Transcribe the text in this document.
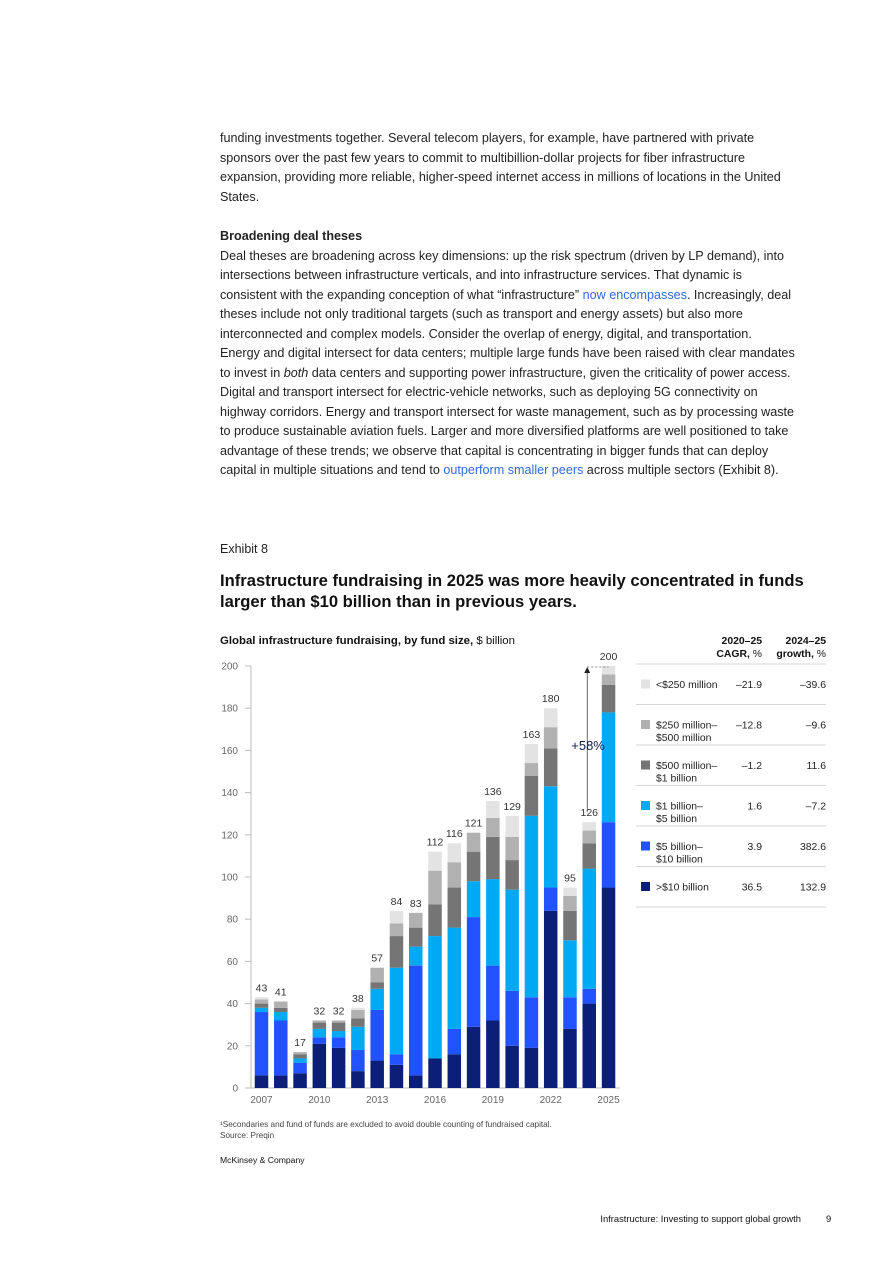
funding investments together. Several telecom players, for example, have partnered with private sponsors over the past few years to commit to multibillion-dollar projects for fiber infrastructure expansion, providing more reliable, higher-speed internet access in millions of locations in the United States.

Broadening deal theses

Deal theses are broadening across key dimensions: up the risk spectrum (driven by LP demand), into intersections between infrastructure verticals, and into infrastructure services. That dynamic is consistent with the expanding conception of what “infrastructure” now encompasses. Increasingly, deal theses include not only traditional targets (such as transport and energy assets) but also more interconnected and complex models. Consider the overlap of energy, digital, and transportation. Energy and digital intersect for data centers; multiple large funds have been raised with clear mandates to invest in both data centers and supporting power infrastructure, given the criticality of power access. Digital and transport intersect for electric-vehicle networks, such as deploying 5G connectivity on highway corridors. Energy and transport intersect for waste management, such as by processing waste to produce sustainable aviation fuels. Larger and more diversified platforms are well positioned to take advantage of these trends; we observe that capital is concentrating in bigger funds that can deploy capital in multiple situations and tend to outperform smaller peers across multiple sectors (Exhibit 8).

Exhibit 8
Infrastructure fundraising in 2025 was more heavily concentrated in funds larger than $10 billion than in previous years.
Global infrastructure fundraising, by fund size, $ billion
0
20
40
60
80
100
120
140
160
180
200
43
2007
41
17
32
2010
32
38
57
2013
84 83
112
2016
116
121
136
2019
129
163
180
2022
95
126
200
2025
+58%
2020–25
CAGR, %
2024–25
growth, %
<$250 million –21.9	–39.6
$250 million–
$500 million
–12.8	–9.6
$500 million–
$1 billion
–1.2	11.6
$1 billion–
$5 billion
1.6	–7.2
$5 billion–
$10 billion
3.9	382.6
>$10 billion	36.5	132.9
¹Secondaries and fund of funds are excluded to avoid double counting of fundraised capital.
Source: Preqin
McKinsey & Company
Infrastructure: Investing to support global growth	9
